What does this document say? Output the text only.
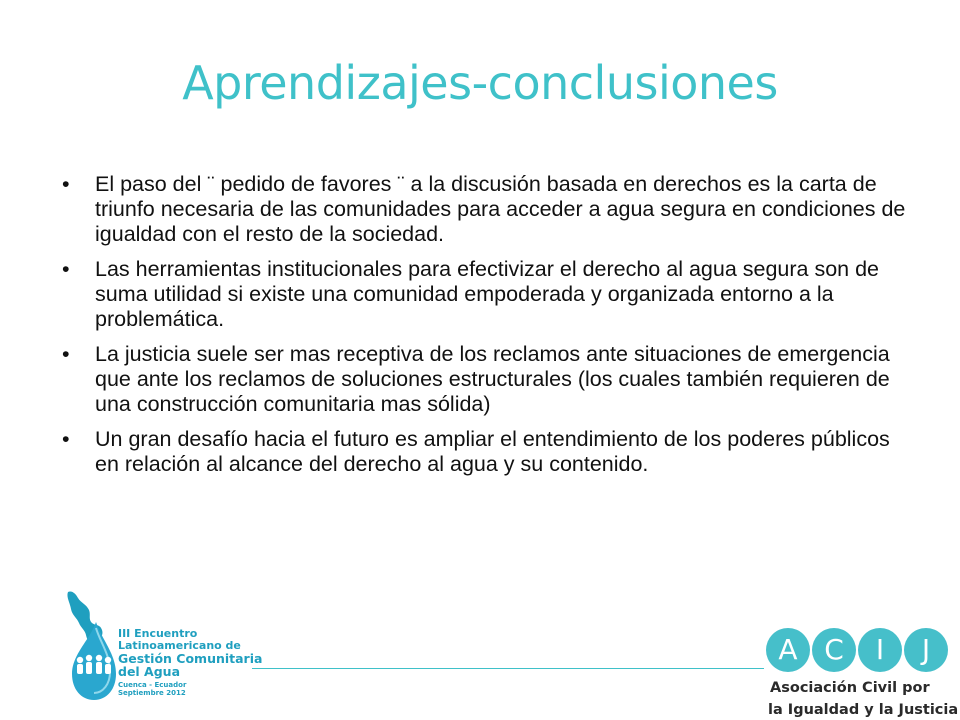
Aprendizajes-conclusiones
•	El paso del ¨ pedido de favores ¨ a la discusión basada en derechos es la carta de triunfo necesaria de las comunidades para acceder a agua segura en condiciones de igualdad con el resto de la sociedad.
•	Las herramientas institucionales para efectivizar el derecho al agua segura son de suma utilidad si existe una comunidad empoderada y organizada entorno a la problemática.
•	La justicia suele ser mas receptiva de los reclamos ante situaciones de emergencia que ante los reclamos de soluciones estructurales (los cuales también requieren de una construcción comunitaria mas sólida)
•	Un gran desafío hacia el futuro es ampliar el entendimiento de los poderes públicos en relación al alcance del derecho al agua y su contenido.
III Encuentro
Latinoamericano de
Gestión Comunitaria
del Agua
Cuenca - Ecuador
Septiembre 2012
A C	I	J
Asociación Civil por
la Igualdad y la Justicia
